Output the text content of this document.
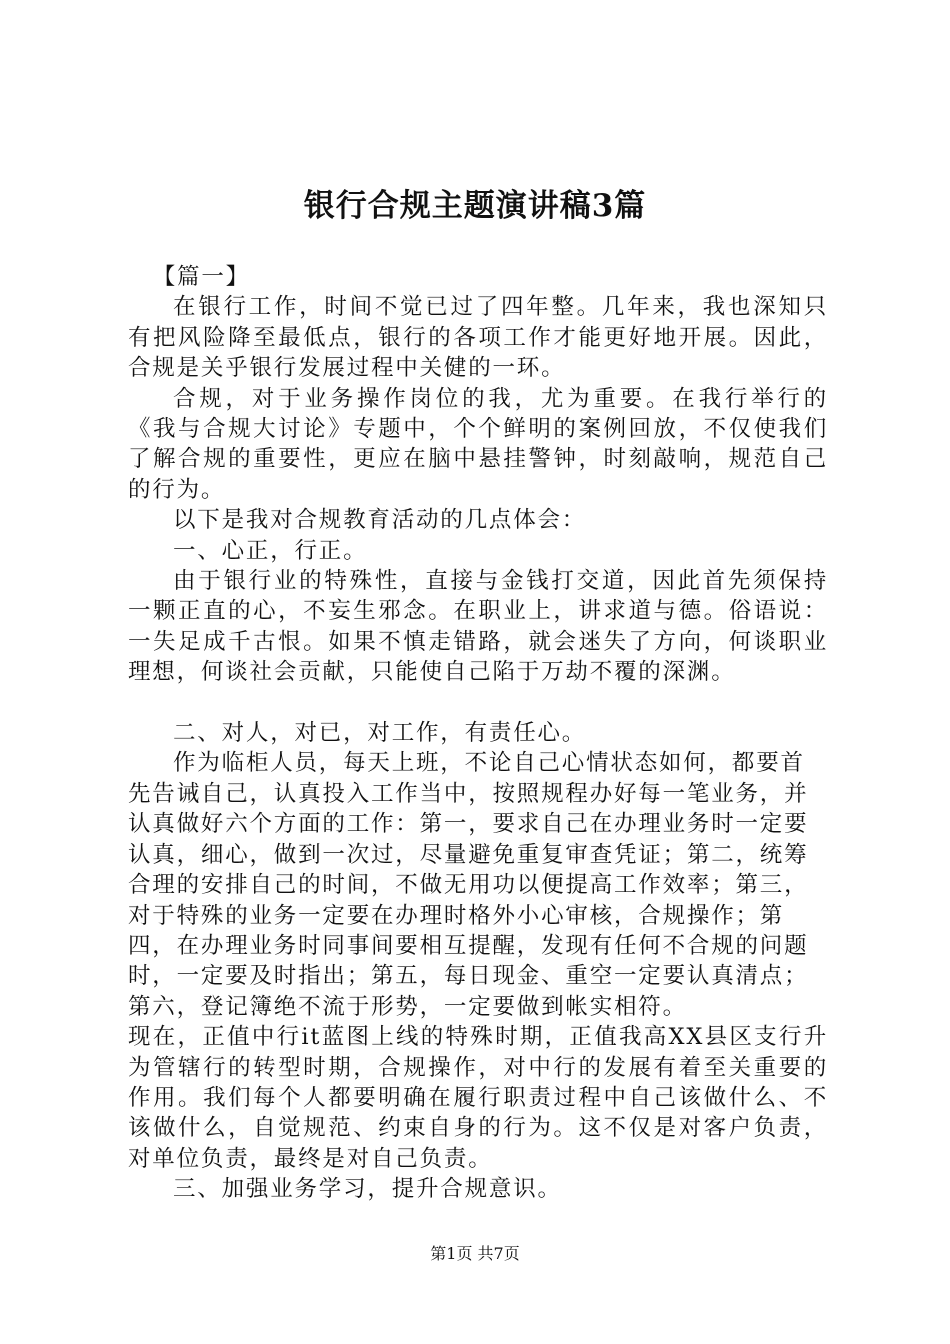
银行合规主题演讲稿3篇

【篇一】

在银行工作，时间不觉已过了四年整。几年来，我也深知只有把风险降至最低点，银行的各项工作才能更好地开展。因此，合规是关乎银行发展过程中关健的一环。

合规，对于业务操作岗位的我，尤为重要。在我行举行的《我与合规大讨论》专题中，个个鲜明的案例回放，不仅使我们了解合规的重要性，更应在脑中悬挂警钟，时刻敲响，规范自己的行为。

以下是我对合规教育活动的几点体会：

一、心正，行正。

由于银行业的特殊性，直接与金钱打交道，因此首先须保持一颗正直的心，不妄生邪念。在职业上，讲求道与德。俗语说：一失足成千古恨。如果不慎走错路，就会迷失了方向，何谈职业理想，何谈社会贡献，只能使自己陷于万劫不覆的深渊。

二、对人，对已，对工作，有责任心。

作为临柜人员，每天上班，不论自己心情状态如何，都要首先告诫自己，认真投入工作当中，按照规程办好每一笔业务，并认真做好六个方面的工作：第一，要求自己在办理业务时一定要认真，细心，做到一次过，尽量避免重复审查凭证；第二，统筹合理的安排自己的时间，不做无用功以便提高工作效率；第三，对于特殊的业务一定要在办理时格外小心审核，合规操作；第四，在办理业务时同事间要相互提醒，发现有任何不合规的问题时，一定要及时指出；第五，每日现金、重空一定要认真清点；第六，登记簿绝不流于形势，一定要做到帐实相符。

现在，正值中行it蓝图上线的特殊时期，正值我高XX县区支行升为管辖行的转型时期，合规操作，对中行的发展有着至关重要的作用。我们每个人都要明确在履行职责过程中自己该做什么、不该做什么，自觉规范、约束自身的行为。这不仅是对客户负责，对单位负责，最终是对自己负责。

三、加强业务学习，提升合规意识。

第1页 共7页
